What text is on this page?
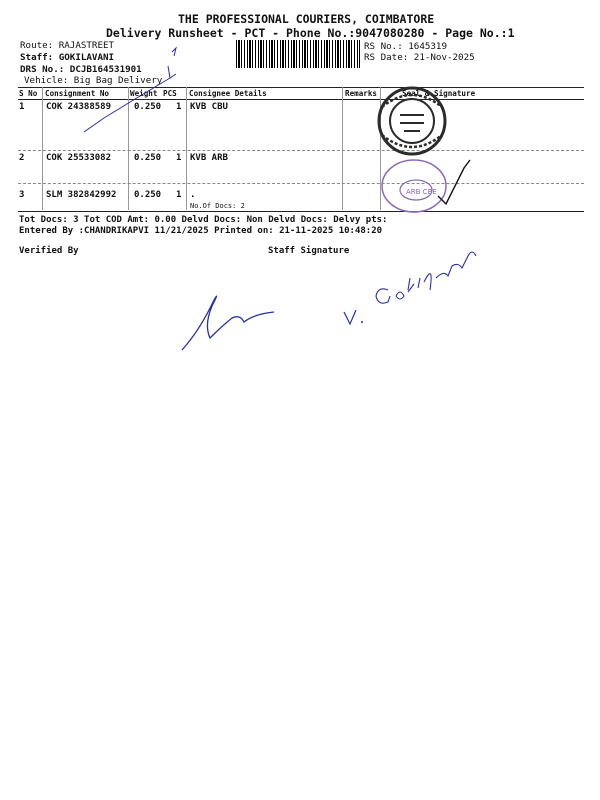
THE PROFESSIONAL COURIERS, COIMBATORE
Delivery Runsheet - PCT - Phone No.:9047080280 - Page No.:1
Route: RAJASTREET
Staff: GOKILAVANI
DRS No.: DCJB164531901
Vehicle: Big Bag Delivery
RS No.: 1645319
RS Date: 21-Nov-2025
S No Consignment No	Weight PCS Consignee Details	Remarks	Seal & Signature
1 COK 24388589	0.250 1 KVB CBU
2 COK 25533082	0.250 1 KVB ARB
3 SLM 382842992 0.250 1 .
No.Of Docs: 2
Tot Docs: 3 Tot COD Amt: 0.00 Delvd Docs: Non Delvd Docs: Delvy pts:
Entered By :CHANDRIKAPVI 11/21/2025 Printed on: 21-11-2025 10:48:20
Verified By	Staff Signature
ARB CBE
